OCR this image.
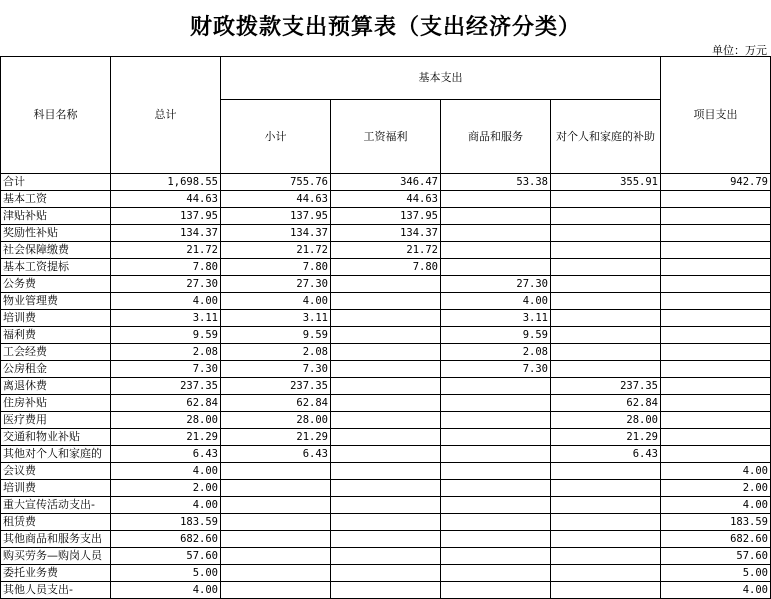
财政拨款支出预算表（支出经济分类）
单位：万元
科目名称	总计	基本支出				项目支出
		小计	工资福利	商品和服务	对个人和家庭的补助	
合计	1,698.55	755.76	346.47	53.38	355.91	942.79
基本工资	44.63	44.63	44.63			
津贴补贴	137.95	137.95	137.95			
奖励性补贴	134.37	134.37	134.37			
社会保障缴费	21.72	21.72	21.72			
基本工资提标	7.80	7.80	7.80			
公务费	27.30	27.30		27.30		
物业管理费	4.00	4.00		4.00		
培训费	3.11	3.11		3.11		
福利费	9.59	9.59		9.59		
工会经费	2.08	2.08		2.08		
公房租金	7.30	7.30		7.30		
离退休费	237.35	237.35			237.35	
住房补贴	62.84	62.84			62.84	
医疗费用	28.00	28.00			28.00	
交通和物业补贴	21.29	21.29			21.29	
其他对个人和家庭的	6.43	6.43			6.43	
会议费	4.00					4.00
培训费	2.00					2.00
重大宣传活动支出-	4.00					4.00
租赁费	183.59					183.59
其他商品和服务支出	682.60					682.60
购买劳务—购岗人员	57.60					57.60
委托业务费	5.00					5.00
其他人员支出-	4.00					4.00
